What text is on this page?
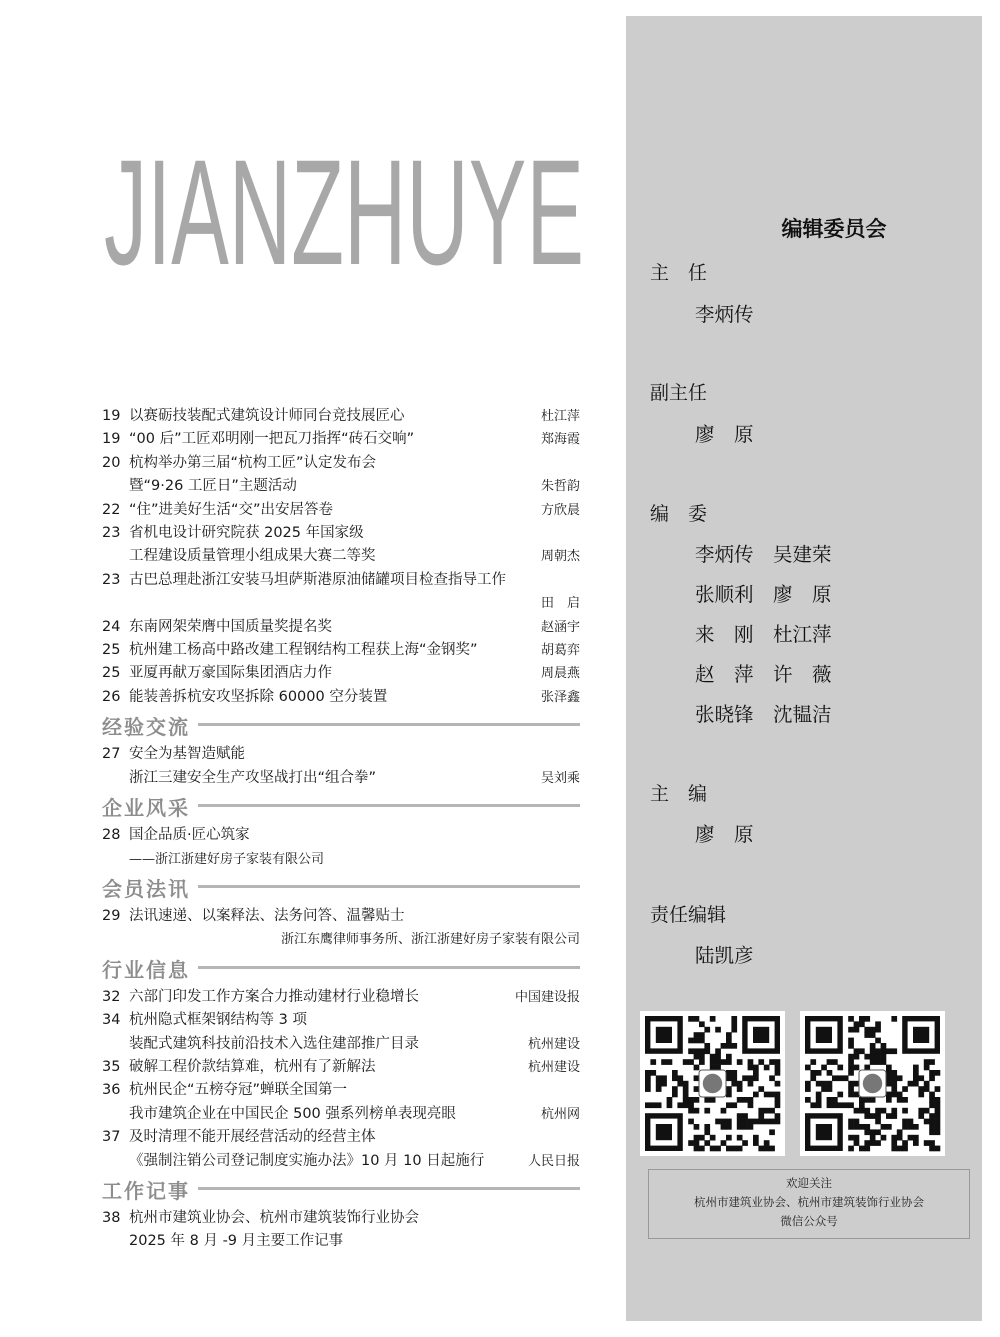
JIANZHUYE
19 以赛砺技装配式建筑设计师同台竞技展匠心	杜江萍
19 “00 后”工匠邓明刚一把瓦刀指挥“砖石交响”	郑海霞
20 杭构举办第三届“杭构工匠”认定发布会
暨“9·26 工匠日”主题活动	朱哲韵
22 “住”进美好生活“交”出安居答卷	方欣晨
23 省机电设计研究院获 2025 年国家级
工程建设质量管理小组成果大赛二等奖	周朝杰
23 古巴总理赴浙江安装马坦萨斯港原油储罐项目检查指导工作
田　启
24 东南网架荣膺中国质量奖提名奖	赵涵宇
25 杭州建工杨高中路改建工程钢结构工程获上海“金钢奖”	胡葛弈
25 亚厦再献万豪国际集团酒店力作	周晨燕
26 能装善拆杭安攻坚拆除 60000 空分装置	张泽鑫
经验交流
27 安全为基智造赋能
浙江三建安全生产攻坚战打出“组合拳”	吴刘乘
企业风采
28 国企品质·匠心筑家
——浙江浙建好房子家装有限公司
会员法讯
29 法讯速递、以案释法、法务问答、温馨贴士
浙江东鹰律师事务所、浙江浙建好房子家装有限公司
行业信息
32 六部门印发工作方案合力推动建材行业稳增长	中国建设报
34 杭州隐式框架钢结构等 3 项
装配式建筑科技前沿技术入选住建部推广目录	杭州建设
35 破解工程价款结算难，杭州有了新解法	杭州建设
36 杭州民企“五榜夺冠”蝉联全国第一
我市建筑企业在中国民企 500 强系列榜单表现亮眼	杭州网
37 及时清理不能开展经营活动的经营主体
《强制注销公司登记制度实施办法》10 月 10 日起施行	人民日报
工作记事
38 杭州市建筑业协会、杭州市建筑装饰行业协会
2025 年 8 月 -9 月主要工作记事
编辑委员会
主　任
李炳传
副主任
廖　原
编　委
李炳传　吴建荣
张顺利　廖　原
来　刚　杜江萍
赵　萍　许　薇
张晓锋　沈韫洁
主　编
廖　原
责任编辑
陆凯彦
欢迎关注
杭州市建筑业协会、杭州市建筑装饰行业协会
微信公众号
